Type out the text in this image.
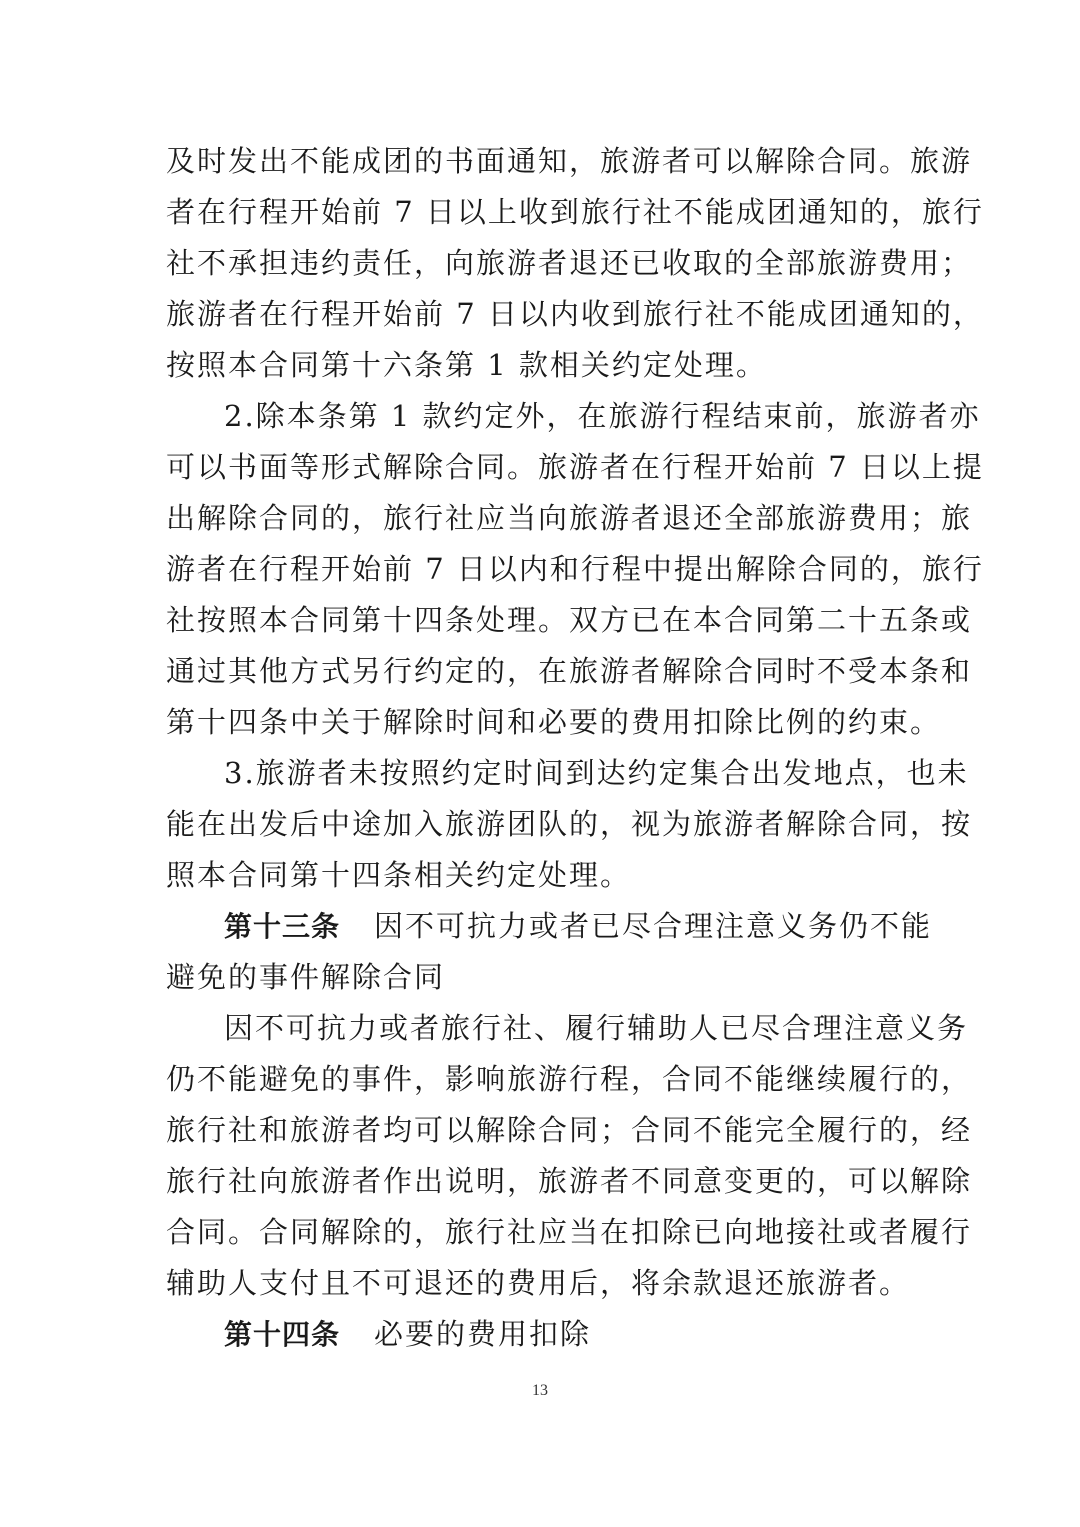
及时发出不能成团的书面通知，旅游者可以解除合同。旅游
者在行程开始前 7 日以上收到旅行社不能成团通知的，旅行
社不承担违约责任，向旅游者退还已收取的全部旅游费用；
旅游者在行程开始前 7 日以内收到旅行社不能成团通知的，
按照本合同第十六条第 1 款相关约定处理。
2.除本条第 1 款约定外，在旅游行程结束前，旅游者亦
可以书面等形式解除合同。旅游者在行程开始前 7 日以上提
出解除合同的，旅行社应当向旅游者退还全部旅游费用；旅
游者在行程开始前 7 日以内和行程中提出解除合同的，旅行
社按照本合同第十四条处理。双方已在本合同第二十五条或
通过其他方式另行约定的，在旅游者解除合同时不受本条和
第十四条中关于解除时间和必要的费用扣除比例的约束。
3.旅游者未按照约定时间到达约定集合出发地点，也未
能在出发后中途加入旅游团队的，视为旅游者解除合同，按
照本合同第十四条相关约定处理。
第十三条 因不可抗力或者已尽合理注意义务仍不能
避免的事件解除合同
因不可抗力或者旅行社、履行辅助人已尽合理注意义务
仍不能避免的事件，影响旅游行程，合同不能继续履行的，
旅行社和旅游者均可以解除合同；合同不能完全履行的，经
旅行社向旅游者作出说明，旅游者不同意变更的，可以解除
合同。合同解除的，旅行社应当在扣除已向地接社或者履行
辅助人支付且不可退还的费用后，将余款退还旅游者。
第十四条 必要的费用扣除
13
